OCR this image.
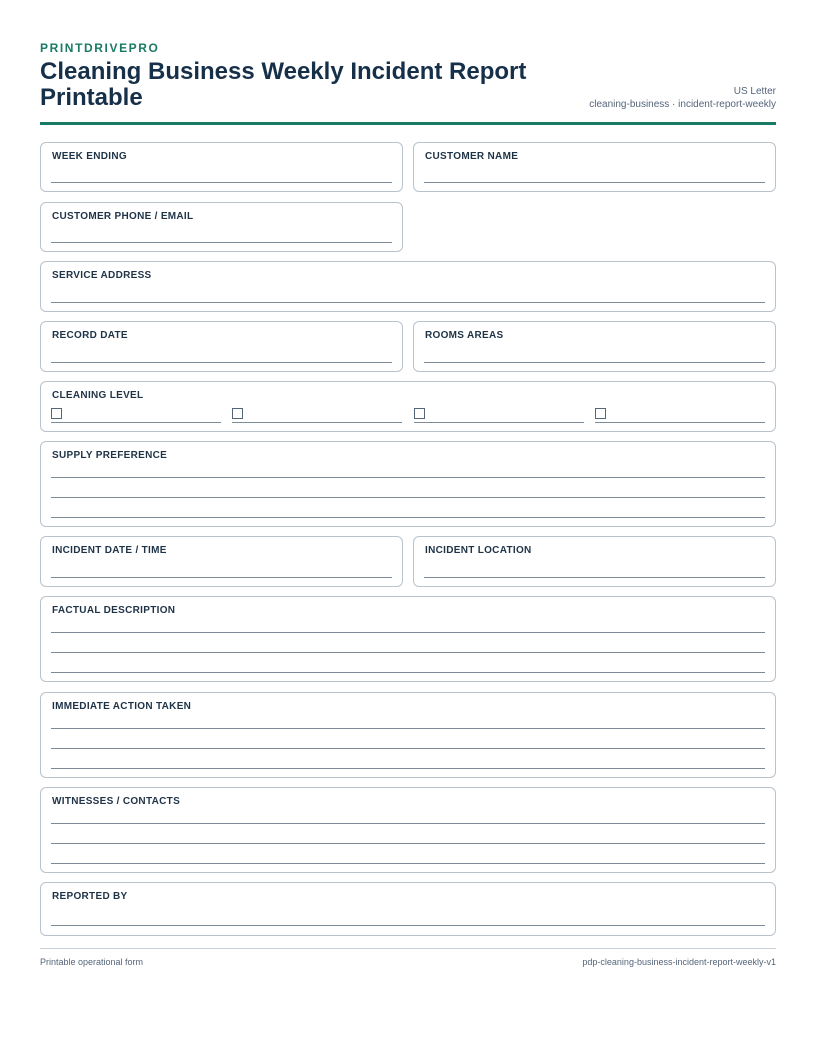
PRINTDRIVEPRO
Cleaning Business Weekly Incident Report Printable	US Letter
cleaning-business · incident-report-weekly
WEEK ENDING	CUSTOMER NAME
CUSTOMER PHONE / EMAIL
SERVICE ADDRESS
RECORD DATE	ROOMS AREAS
CLEANING LEVEL
SUPPLY PREFERENCE
INCIDENT DATE / TIME	INCIDENT LOCATION
FACTUAL DESCRIPTION
IMMEDIATE ACTION TAKEN
WITNESSES / CONTACTS
REPORTED BY
Printable operational form	pdp-cleaning-business-incident-report-weekly-v1
